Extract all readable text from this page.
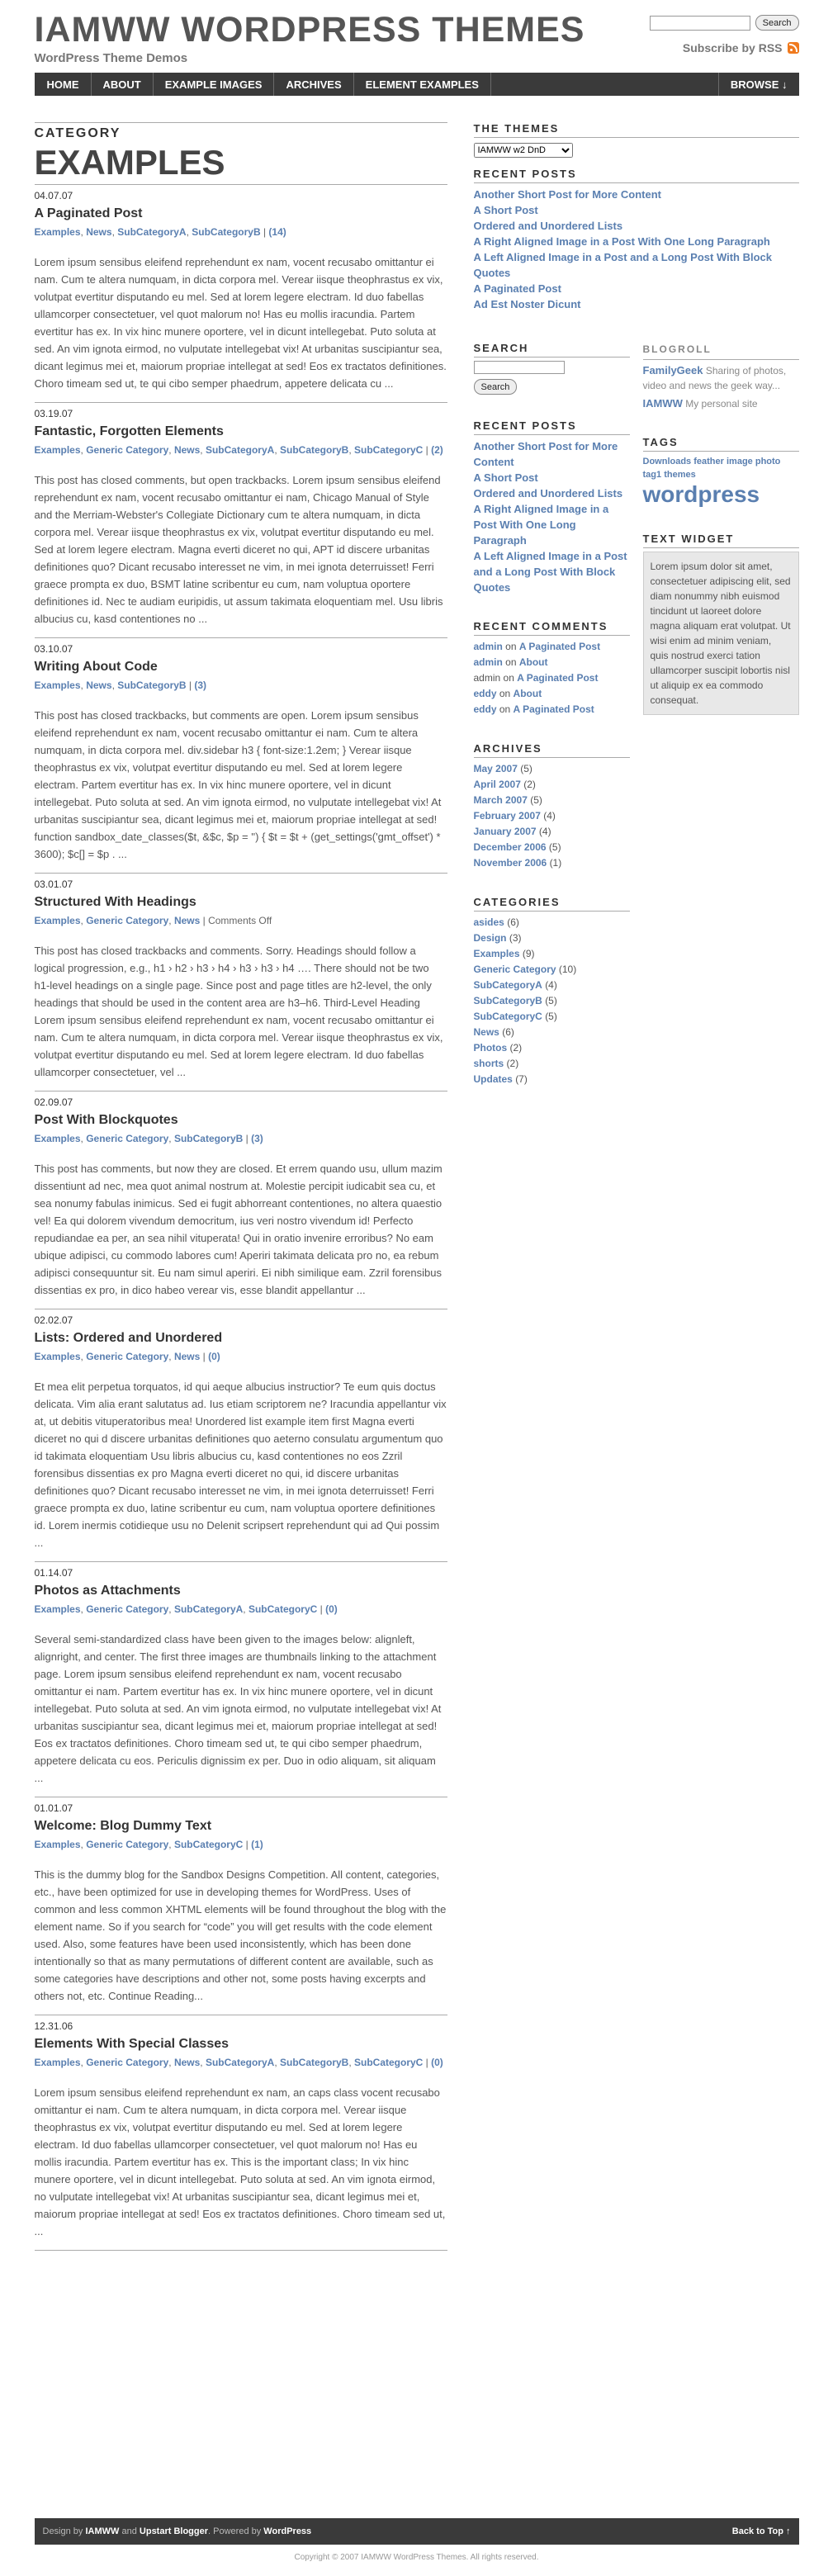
IAMWW WORDPRESS THEMES
WordPress Theme Demos
Search
Subscribe by RSS
HOME	ABOUT	EXAMPLE IMAGES	ARCHIVES	ELEMENT EXAMPLES	BROWSE ↓
CATEGORY
EXAMPLES
04.07.07
A Paginated Post
Examples, News, SubCategoryA, SubCategoryB | (14)
Lorem ipsum sensibus eleifend reprehendunt ex nam, vocent recusabo omittantur ei nam. Cum te altera numquam, in dicta corpora mel. Verear iisque theophrastus ex vix, volutpat evertitur disputando eu mel. Sed at lorem legere electram. Id duo fabellas ullamcorper consectetuer, vel quot malorum no! Has eu mollis iracundia. Partem evertitur has ex. In vix hinc munere oportere, vel in dicunt intellegebat. Puto soluta at sed. An vim ignota eirmod, no vulputate intellegebat vix! At urbanitas suscipiantur sea, dicant legimus mei et, maiorum propriae intellegat at sed! Eos ex tractatos definitiones. Choro timeam sed ut, te qui cibo semper phaedrum, appetere delicata cu ...
03.19.07
Fantastic, Forgotten Elements
Examples, Generic Category, News, SubCategoryA, SubCategoryB, SubCategoryC | (2)
This post has closed comments, but open trackbacks. Lorem ipsum sensibus eleifend reprehendunt ex nam, vocent recusabo omittantur ei nam, Chicago Manual of Style and the Merriam-Webster's Collegiate Dictionary cum te altera numquam, in dicta corpora mel. Verear iisque theophrastus ex vix, volutpat evertitur disputando eu mel. Sed at lorem legere electram. Magna everti diceret no qui, APT id discere urbanitas definitiones quo? Dicant recusabo interesset ne vim, in mei ignota deterruisset! Ferri graece prompta ex duo, BSMT latine scribentur eu cum, nam voluptua oportere definitiones id. Nec te audiam euripidis, ut assum takimata eloquentiam mel. Usu libris albucius cu, kasd contentiones no ...
03.10.07
Writing About Code
Examples, News, SubCategoryB | (3)
This post has closed trackbacks, but comments are open. Lorem ipsum sensibus eleifend reprehendunt ex nam, vocent recusabo omittantur ei nam. Cum te altera numquam, in dicta corpora mel. div.sidebar h3 { font-size:1.2em; } Verear iisque theophrastus ex vix, volutpat evertitur disputando eu mel. Sed at lorem legere electram. Partem evertitur has ex. In vix hinc munere oportere, vel in dicunt intellegebat. Puto soluta at sed. An vim ignota eirmod, no vulputate intellegebat vix! At urbanitas suscipiantur sea, dicant legimus mei et, maiorum propriae intellegat at sed! function sandbox_date_classes($t, &$c, $p = '') { $t = $t + (get_settings('gmt_offset') * 3600); $c[] = $p . ...
03.01.07
Structured With Headings
Examples, Generic Category, News | Comments Off
This post has closed trackbacks and comments. Sorry. Headings should follow a logical progression, e.g., h1 › h2 › h3 › h4 › h3 › h3 › h4 …. There should not be two h1-level headings on a single page. Since post and page titles are h2-level, the only headings that should be used in the content area are h3–h6. Third-Level Heading Lorem ipsum sensibus eleifend reprehendunt ex nam, vocent recusabo omittantur ei nam. Cum te altera numquam, in dicta corpora mel. Verear iisque theophrastus ex vix, volutpat evertitur disputando eu mel. Sed at lorem legere electram. Id duo fabellas ullamcorper consectetuer, vel ...
02.09.07
Post With Blockquotes
Examples, Generic Category, SubCategoryB | (3)
This post has comments, but now they are closed. Et errem quando usu, ullum mazim dissentiunt ad nec, mea quot animal nostrum at. Molestie percipit iudicabit sea cu, et sea nonumy fabulas inimicus. Sed ei fugit abhorreant contentiones, no altera quaestio vel! Ea qui dolorem vivendum democritum, ius veri nostro vivendum id! Perfecto repudiandae ea per, an sea nihil vituperata! Qui in oratio invenire erroribus? No eam ubique adipisci, cu commodo labores cum! Aperiri takimata delicata pro no, ea rebum adipisci consequuntur sit. Eu nam simul aperiri. Ei nibh similique eam. Zzril forensibus dissentias ex pro, in dico habeo verear vis, esse blandit appellantur ...
02.02.07
Lists: Ordered and Unordered
Examples, Generic Category, News | (0)
Et mea elit perpetua torquatos, id qui aeque albucius instructior? Te eum quis doctus delicata. Vim alia erant salutatus ad. Ius etiam scriptorem ne? Iracundia appellantur vix at, ut debitis vituperatoribus mea! Unordered list example item first Magna everti diceret no qui d discere urbanitas definitiones quo aeterno consulatu argumentum quo id takimata eloquentiam Usu libris albucius cu, kasd contentiones no eos Zzril forensibus dissentias ex pro Magna everti diceret no qui, id discere urbanitas definitiones quo? Dicant recusabo interesset ne vim, in mei ignota deterruisset! Ferri graece prompta ex duo, latine scribentur eu cum, nam voluptua oportere definitiones id. Lorem inermis cotidieque usu no Delenit scripsert reprehendunt qui ad Qui possim ...
01.14.07
Photos as Attachments
Examples, Generic Category, SubCategoryA, SubCategoryC | (0)
Several semi-standardized class have been given to the images below: alignleft, alignright, and center. The first three images are thumbnails linking to the attachment page. Lorem ipsum sensibus eleifend reprehendunt ex nam, vocent recusabo omittantur ei nam. Partem evertitur has ex. In vix hinc munere oportere, vel in dicunt intellegebat. Puto soluta at sed. An vim ignota eirmod, no vulputate intellegebat vix! At urbanitas suscipiantur sea, dicant legimus mei et, maiorum propriae intellegat at sed! Eos ex tractatos definitiones. Choro timeam sed ut, te qui cibo semper phaedrum, appetere delicata cu eos. Periculis dignissim ex per. Duo in odio aliquam, sit aliquam ...
01.01.07
Welcome: Blog Dummy Text
Examples, Generic Category, SubCategoryC | (1)
This is the dummy blog for the Sandbox Designs Competition. All content, categories, etc., have been optimized for use in developing themes for WordPress. Uses of common and less common XHTML elements will be found throughout the blog with the element name. So if you search for “code” you will get results with the code element used. Also, some features have been used inconsistently, which has been done intentionally so that as many permutations of different content are available, such as some categories have descriptions and other not, some posts having excerpts and others not, etc. Continue Reading...
12.31.06
Elements With Special Classes
Examples, Generic Category, News, SubCategoryA, SubCategoryB, SubCategoryC | (0)
Lorem ipsum sensibus eleifend reprehendunt ex nam, an caps class vocent recusabo omittantur ei nam. Cum te altera numquam, in dicta corpora mel. Verear iisque theophrastus ex vix, volutpat evertitur disputando eu mel. Sed at lorem legere electram. Id duo fabellas ullamcorper consectetuer, vel quot malorum no! Has eu mollis iracundia. Partem evertitur has ex. This is the important class; In vix hinc munere oportere, vel in dicunt intellegebat. Puto soluta at sed. An vim ignota eirmod, no vulputate intellegebat vix! At urbanitas suscipiantur sea, dicant legimus mei et, maiorum propriae intellegat at sed! Eos ex tractatos definitiones. Choro timeam sed ut, ...
THE THEMES
IAMWW w2 DnD
RECENT POSTS
Another Short Post for More Content
A Short Post
Ordered and Unordered Lists
A Right Aligned Image in a Post With One Long Paragraph
A Left Aligned Image in a Post and a Long Post With Block Quotes
A Paginated Post
Ad Est Noster Dicunt
SEARCH
Search
RECENT POSTS
Another Short Post for More Content
A Short Post
Ordered and Unordered Lists
A Right Aligned Image in a Post With One Long Paragraph
A Left Aligned Image in a Post and a Long Post With Block Quotes
RECENT COMMENTS
admin on A Paginated Post
admin on About
admin on A Paginated Post
eddy on About
eddy on A Paginated Post
ARCHIVES
May 2007 (5)
April 2007 (2)
March 2007 (5)
February 2007 (4)
January 2007 (4)
December 2006 (5)
November 2006 (1)
CATEGORIES
asides (6)
Design (3)
Examples (9)
Generic Category (10)
SubCategoryA (4)
SubCategoryB (5)
SubCategoryC (5)
News (6)
Photos (2)
shorts (2)
Updates (7)
BLOGROLL
FamilyGeek Sharing of photos, video and news the geek way...
IAMWW My personal site
TAGS
Downloads feather image photo tag1 themes
wordpress
TEXT WIDGET
Lorem ipsum dolor sit amet, consectetuer adipiscing elit, sed diam nonummy nibh euismod tincidunt ut laoreet dolore magna aliquam erat volutpat. Ut wisi enim ad minim veniam, quis nostrud exerci tation ullamcorper suscipit lobortis nisl ut aliquip ex ea commodo consequat.
Design by
IAMWW
and
Upstart Blogger . Powered by
WordPress	Back to Top ↑
Copyright © 2007 IAMWW WordPress Themes. All rights reserved.
